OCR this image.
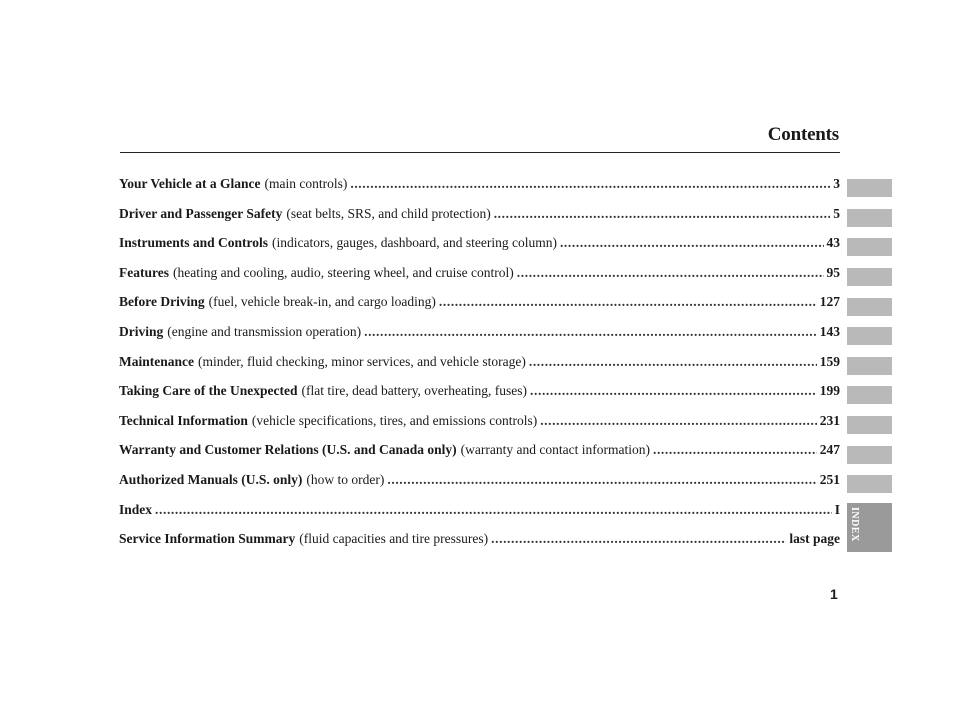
Contents
Your Vehicle at a Glance (main controls) .....	3
Driver and Passenger Safety (seat belts, SRS, and child protection) .....	5
Instruments and Controls (indicators, gauges, dashboard, and steering column) .....	43
Features (heating and cooling, audio, steering wheel, and cruise control) .....	95
Before Driving (fuel, vehicle break-in, and cargo loading) .....	127
Driving (engine and transmission operation) .....	143
Maintenance (minder, fluid checking, minor services, and vehicle storage) .....	159
Taking Care of the Unexpected (flat tire, dead battery, overheating, fuses) .....	199
Technical Information (vehicle specifications, tires, and emissions controls) .....	231
Warranty and Customer Relations (U.S. and Canada only) (warranty and contact information) .....	247
Authorized Manuals (U.S. only) (how to order) .....	251
Index .....	I
Service Information Summary (fluid capacities and tire pressures) .....	last page INDEX
1
